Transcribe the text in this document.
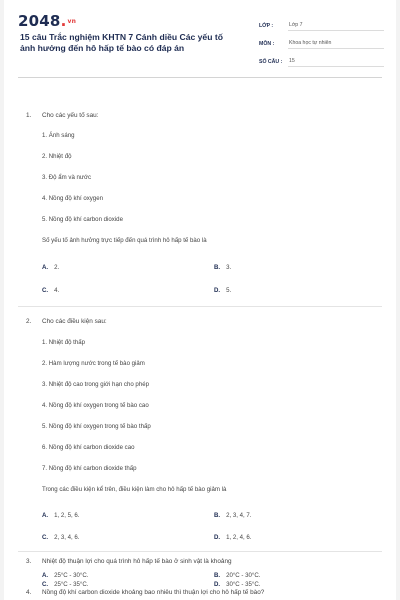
2048.vn
15 câu Trắc nghiệm KHTN 7 Cánh diều Các yếu tố ảnh hưởng đến hô hấp tế bào có đáp án
LỚP :	Lớp 7
MÔN :	Khoa học tự nhiên
SỐ CÂU :	15
1. Cho các yếu tố sau:
1. Ánh sáng
2. Nhiệt độ
3. Độ ẩm và nước
4. Nồng độ khí oxygen
5. Nồng độ khí carbon dioxide
Số yếu tố ảnh hưởng trực tiếp đến quá trình hô hấp tế bào là
A. 2.	B. 3.
C. 4.	D. 5.
2. Cho các điều kiện sau:
1. Nhiệt độ thấp
2. Hàm lượng nước trong tế bào giảm
3. Nhiệt độ cao trong giới hạn cho phép
4. Nồng độ khí oxygen trong tế bào cao
5. Nồng độ khí oxygen trong tế bào thấp
6. Nồng độ khí carbon dioxide cao
7. Nồng độ khí carbon dioxide thấp
Trong các điều kiện kể trên, điều kiện làm cho hô hấp tế bào giảm là
A. 1, 2, 5, 6.	B. 2, 3, 4, 7.
C. 2, 3, 4, 6.	D. 1, 2, 4, 6.
3. Nhiệt độ thuận lợi cho quá trình hô hấp tế bào ở sinh vật là khoảng
A. 25°C - 30°C.	B. 20°C - 30°C.
C. 25°C - 35°C.	D. 30°C - 35°C.
4. Nồng độ khí carbon dioxide khoảng bao nhiêu thì thuận lợi cho hô hấp tế bào?
